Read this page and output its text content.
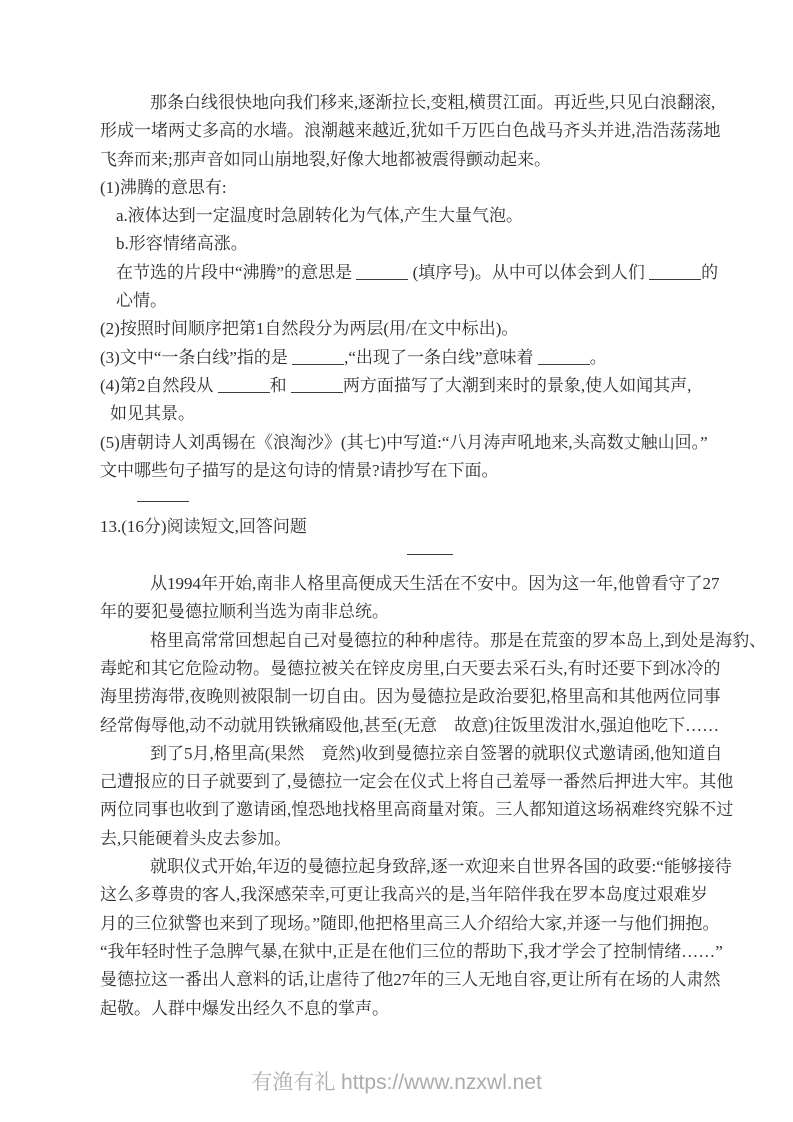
那条白线很快地向我们移来,逐渐拉长,变粗,横贯江面。再近些,只见白浪翻滚,
形成一堵两丈多高的水墙。浪潮越来越近,犹如千万匹白色战马齐头并进,浩浩荡荡地
飞奔而来;那声音如同山崩地裂,好像大地都被震得颤动起来。
(1)沸腾的意思有:
a.液体达到一定温度时急剧转化为气体,产生大量气泡。
b.形容情绪高涨。
在节选的片段中“沸腾”的意思是	(填序号)。从中可以体会到人们	的
心情。
(2)按照时间顺序把第1自然段分为两层(用/在文中标出)。
(3)文中“一条白线”指的是	,“出现了一条白线”意味着	。
(4)第2自然段从	和	两方面描写了大潮到来时的景象,使人如闻其声,
如见其景。
(5)唐朝诗人刘禹锡在《浪淘沙》(其七)中写道:“八月涛声吼地来,头高数丈触山回。”
文中哪些句子描写的是这句诗的情景?请抄写在下面。
13.(16分)阅读短文,回答问题
从1994年开始,南非人格里高便成天生活在不安中。因为这一年,他曾看守了27
年的要犯曼德拉顺利当选为南非总统。
格里高常常回想起自己对曼德拉的种种虐待。那是在荒蛮的罗本岛上,到处是海豹、
毒蛇和其它危险动物。曼德拉被关在锌皮房里,白天要去采石头,有时还要下到冰冷的
海里捞海带,夜晚则被限制一切自由。因为曼德拉是政治要犯,格里高和其他两位同事
经常侮辱他,动不动就用铁锹痛殴他,甚至(无意　故意)往饭里泼泔水,强迫他吃下……
到了5月,格里高(果然　竟然)收到曼德拉亲自签署的就职仪式邀请函,他知道自
己遭报应的日子就要到了,曼德拉一定会在仪式上将自己羞辱一番然后押进大牢。其他
两位同事也收到了邀请函,惶恐地找格里高商量对策。三人都知道这场祸难终究躲不过
去,只能硬着头皮去参加。
就职仪式开始,年迈的曼德拉起身致辞,逐一欢迎来自世界各国的政要:“能够接待
这么多尊贵的客人,我深感荣幸,可更让我高兴的是,当年陪伴我在罗本岛度过艰难岁
月的三位狱警也来到了现场。”随即,他把格里高三人介绍给大家,并逐一与他们拥抱。
“我年轻时性子急脾气暴,在狱中,正是在他们三位的帮助下,我才学会了控制情绪……”
曼德拉这一番出人意料的话,让虐待了他27年的三人无地自容,更让所有在场的人肃然
起敬。人群中爆发出经久不息的掌声。
有渔有礼 https://www.nzxwl.net
